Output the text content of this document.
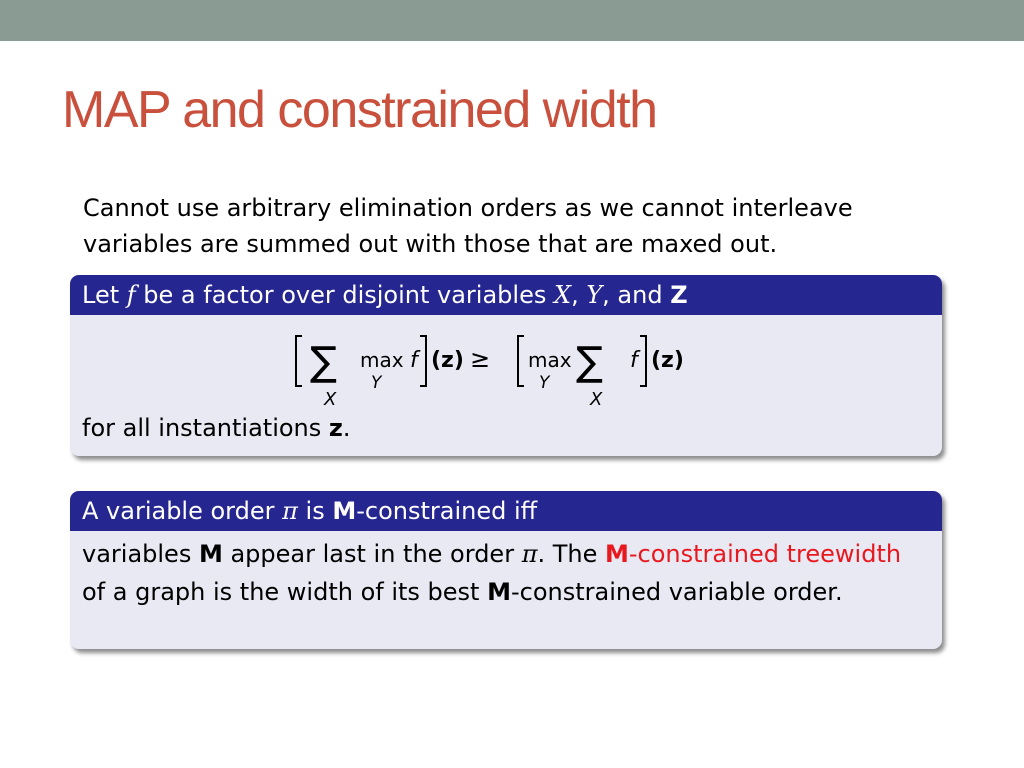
MAP and constrained width
Cannot use arbitrary elimination orders as we cannot interleave variables are summed out with those that are maxed out.
Let f be a factor over disjoint variables X, Y, and Z
∑
X
max
Y
f (z) ≥ max
Y ∑
X
f (z)
for all instantiations z.
A variable order π is M-constrained iff
variables M appear last in the order π. The M-constrained treewidth of a graph is the width of its best M-constrained variable order.
